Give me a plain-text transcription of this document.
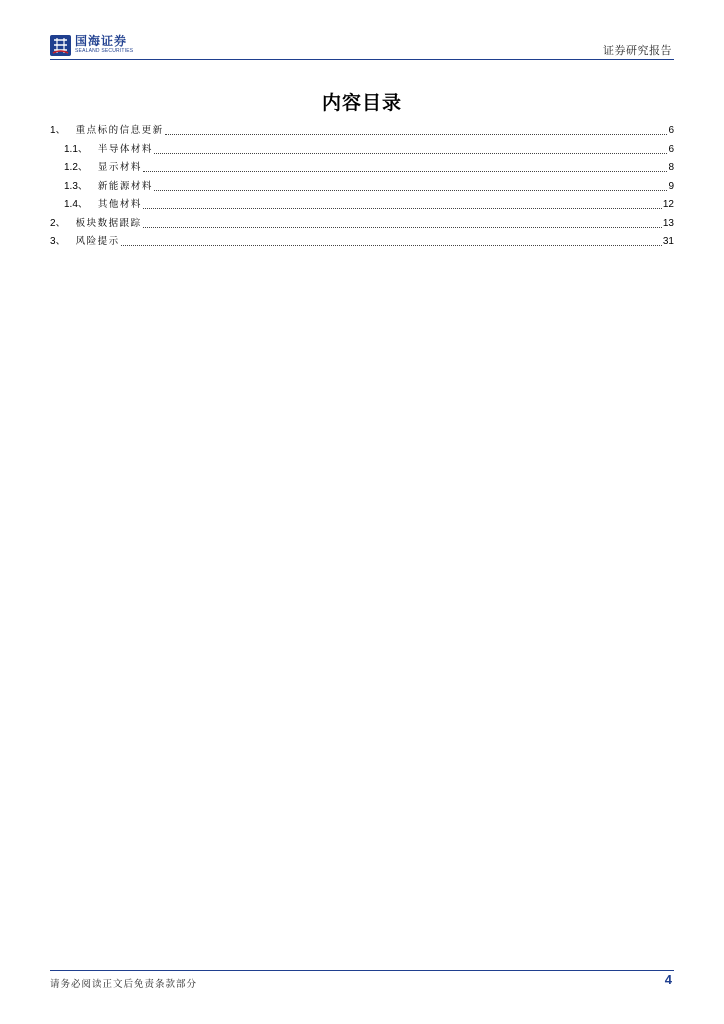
国海证券
SEALAND SECURITIES	证券研究报告
内容目录
1 、 重点标的信息更新	6
1.1 、 半导体材料	6
1.2 、 显示材料	8
1.3 、 新能源材料	9
1.4 、 其他材料	12
2 、 板块数据跟踪	13
3 、 风险提示	31
请务必阅读正文后免责条款部分	4
